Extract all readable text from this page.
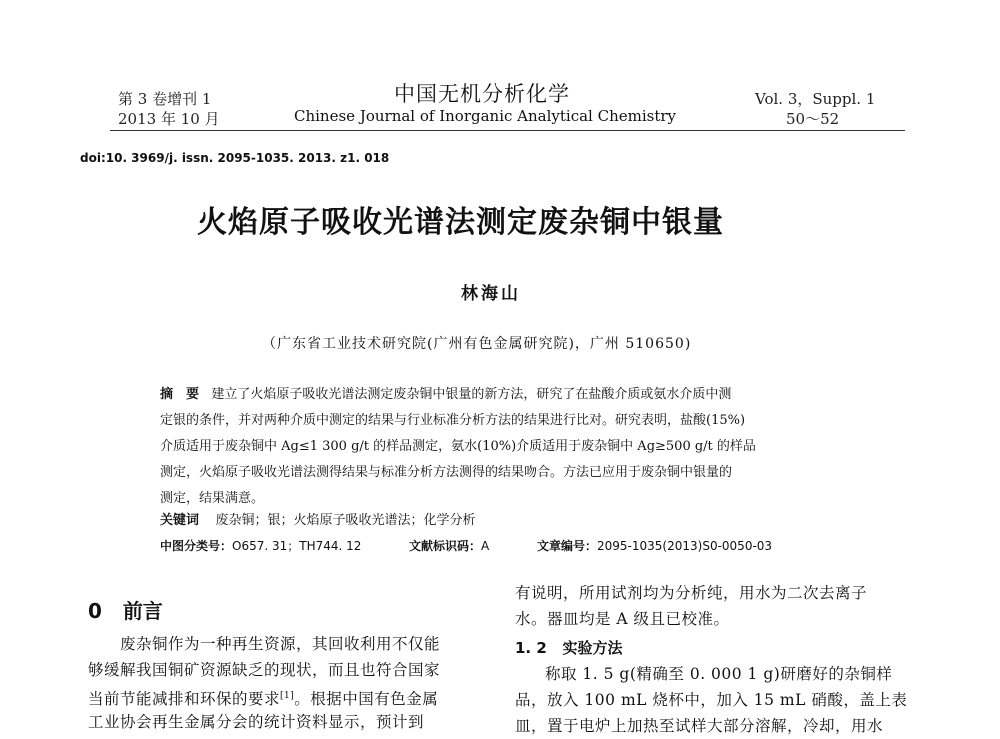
第 3 卷增刊 1
2013 年 10 月
中国无机分析化学
Chinese Journal of Inorganic Analytical Chemistry
Vol. 3，Suppl. 1
50～52
doi:10. 3969/j. issn. 2095-1035. 2013. z1. 018
火焰原子吸收光谱法测定废杂铜中银量
林海山
（广东省工业技术研究院(广州有色金属研究院)，广州 510650)
摘　要 建立了火焰原子吸收光谱法测定废杂铜中银量的新方法，研究了在盐酸介质或氨水介质中测
定银的条件，并对两种介质中测定的结果与行业标准分析方法的结果进行比对。研究表明，盐酸(15%)
介质适用于废杂铜中 Ag≤1 300 g/t 的样品测定，氨水(10%)介质适用于废杂铜中 Ag≥500 g/t 的样品
测定，火焰原子吸收光谱法测得结果与标准分析方法测得的结果吻合。方法已应用于废杂铜中银量的
测定，结果满意。
关键词 废杂铜；银；火焰原子吸收光谱法；化学分析
中图分类号：O657. 31；TH744. 12	文献标识码：A	文章编号：2095-1035(2013)S0-0050-03
0 前言
废杂铜作为一种再生资源，其回收利用不仅能
够缓解我国铜矿资源缺乏的现状，而且也符合国家
当前节能减排和环保的要求[1]。根据中国有色金属
工业协会再生金属分会的统计资料显示，预计到
有说明，所用试剂均为分析纯，用水为二次去离子
水。器皿均是 A 级且已校准。
1. 2 实验方法
称取 1. 5 g(精确至 0. 000 1 g)研磨好的杂铜样
品，放入 100 mL 烧杯中，加入 15 mL 硝酸，盖上表
皿，置于电炉上加热至试样大部分溶解，冷却，用水
